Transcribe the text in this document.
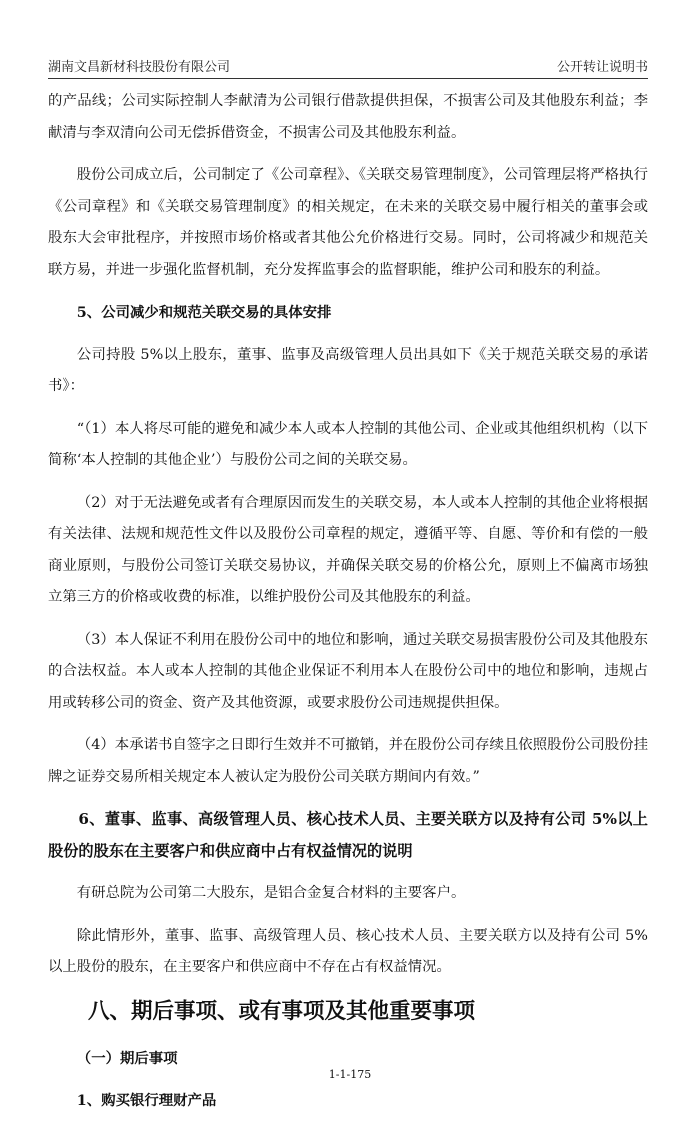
湖南文昌新材科技股份有限公司	公开转让说明书

的产品线；公司实际控制人李献清为公司银行借款提供担保，不损害公司及其他股东利益；李献清与李双清向公司无偿拆借资金，不损害公司及其他股东利益。

股份公司成立后，公司制定了《公司章程》、《关联交易管理制度》，公司管理层将严格执行《公司章程》和《关联交易管理制度》的相关规定，在未来的关联交易中履行相关的董事会或股东大会审批程序，并按照市场价格或者其他公允价格进行交易。同时，公司将减少和规范关联方易，并进一步强化监督机制，充分发挥监事会的监督职能，维护公司和股东的利益。

5、公司减少和规范关联交易的具体安排

公司持股 5%以上股东，董事、监事及高级管理人员出具如下《关于规范关联交易的承诺书》：

“（1）本人将尽可能的避免和减少本人或本人控制的其他公司、企业或其他组织机构（以下简称‘本人控制的其他企业’）与股份公司之间的关联交易。

（2）对于无法避免或者有合理原因而发生的关联交易，本人或本人控制的其他企业将根据有关法律、法规和规范性文件以及股份公司章程的规定，遵循平等、自愿、等价和有偿的一般商业原则，与股份公司签订关联交易协议，并确保关联交易的价格公允，原则上不偏离市场独立第三方的价格或收费的标准，以维护股份公司及其他股东的利益。

（3）本人保证不利用在股份公司中的地位和影响，通过关联交易损害股份公司及其他股东的合法权益。本人或本人控制的其他企业保证不利用本人在股份公司中的地位和影响，违规占用或转移公司的资金、资产及其他资源，或要求股份公司违规提供担保。

（4）本承诺书自签字之日即行生效并不可撤销，并在股份公司存续且依照股份公司股份挂牌之证券交易所相关规定本人被认定为股份公司关联方期间内有效。”

6、董事、监事、高级管理人员、核心技术人员、主要关联方以及持有公司 5%以上股份的股东在主要客户和供应商中占有权益情况的说明

有研总院为公司第二大股东，是铝合金复合材料的主要客户。

除此情形外，董事、监事、高级管理人员、核心技术人员、主要关联方以及持有公司 5%以上股份的股东，在主要客户和供应商中不存在占有权益情况。

八、期后事项、或有事项及其他重要事项

（一）期后事项

1、购买银行理财产品

1-1-175
